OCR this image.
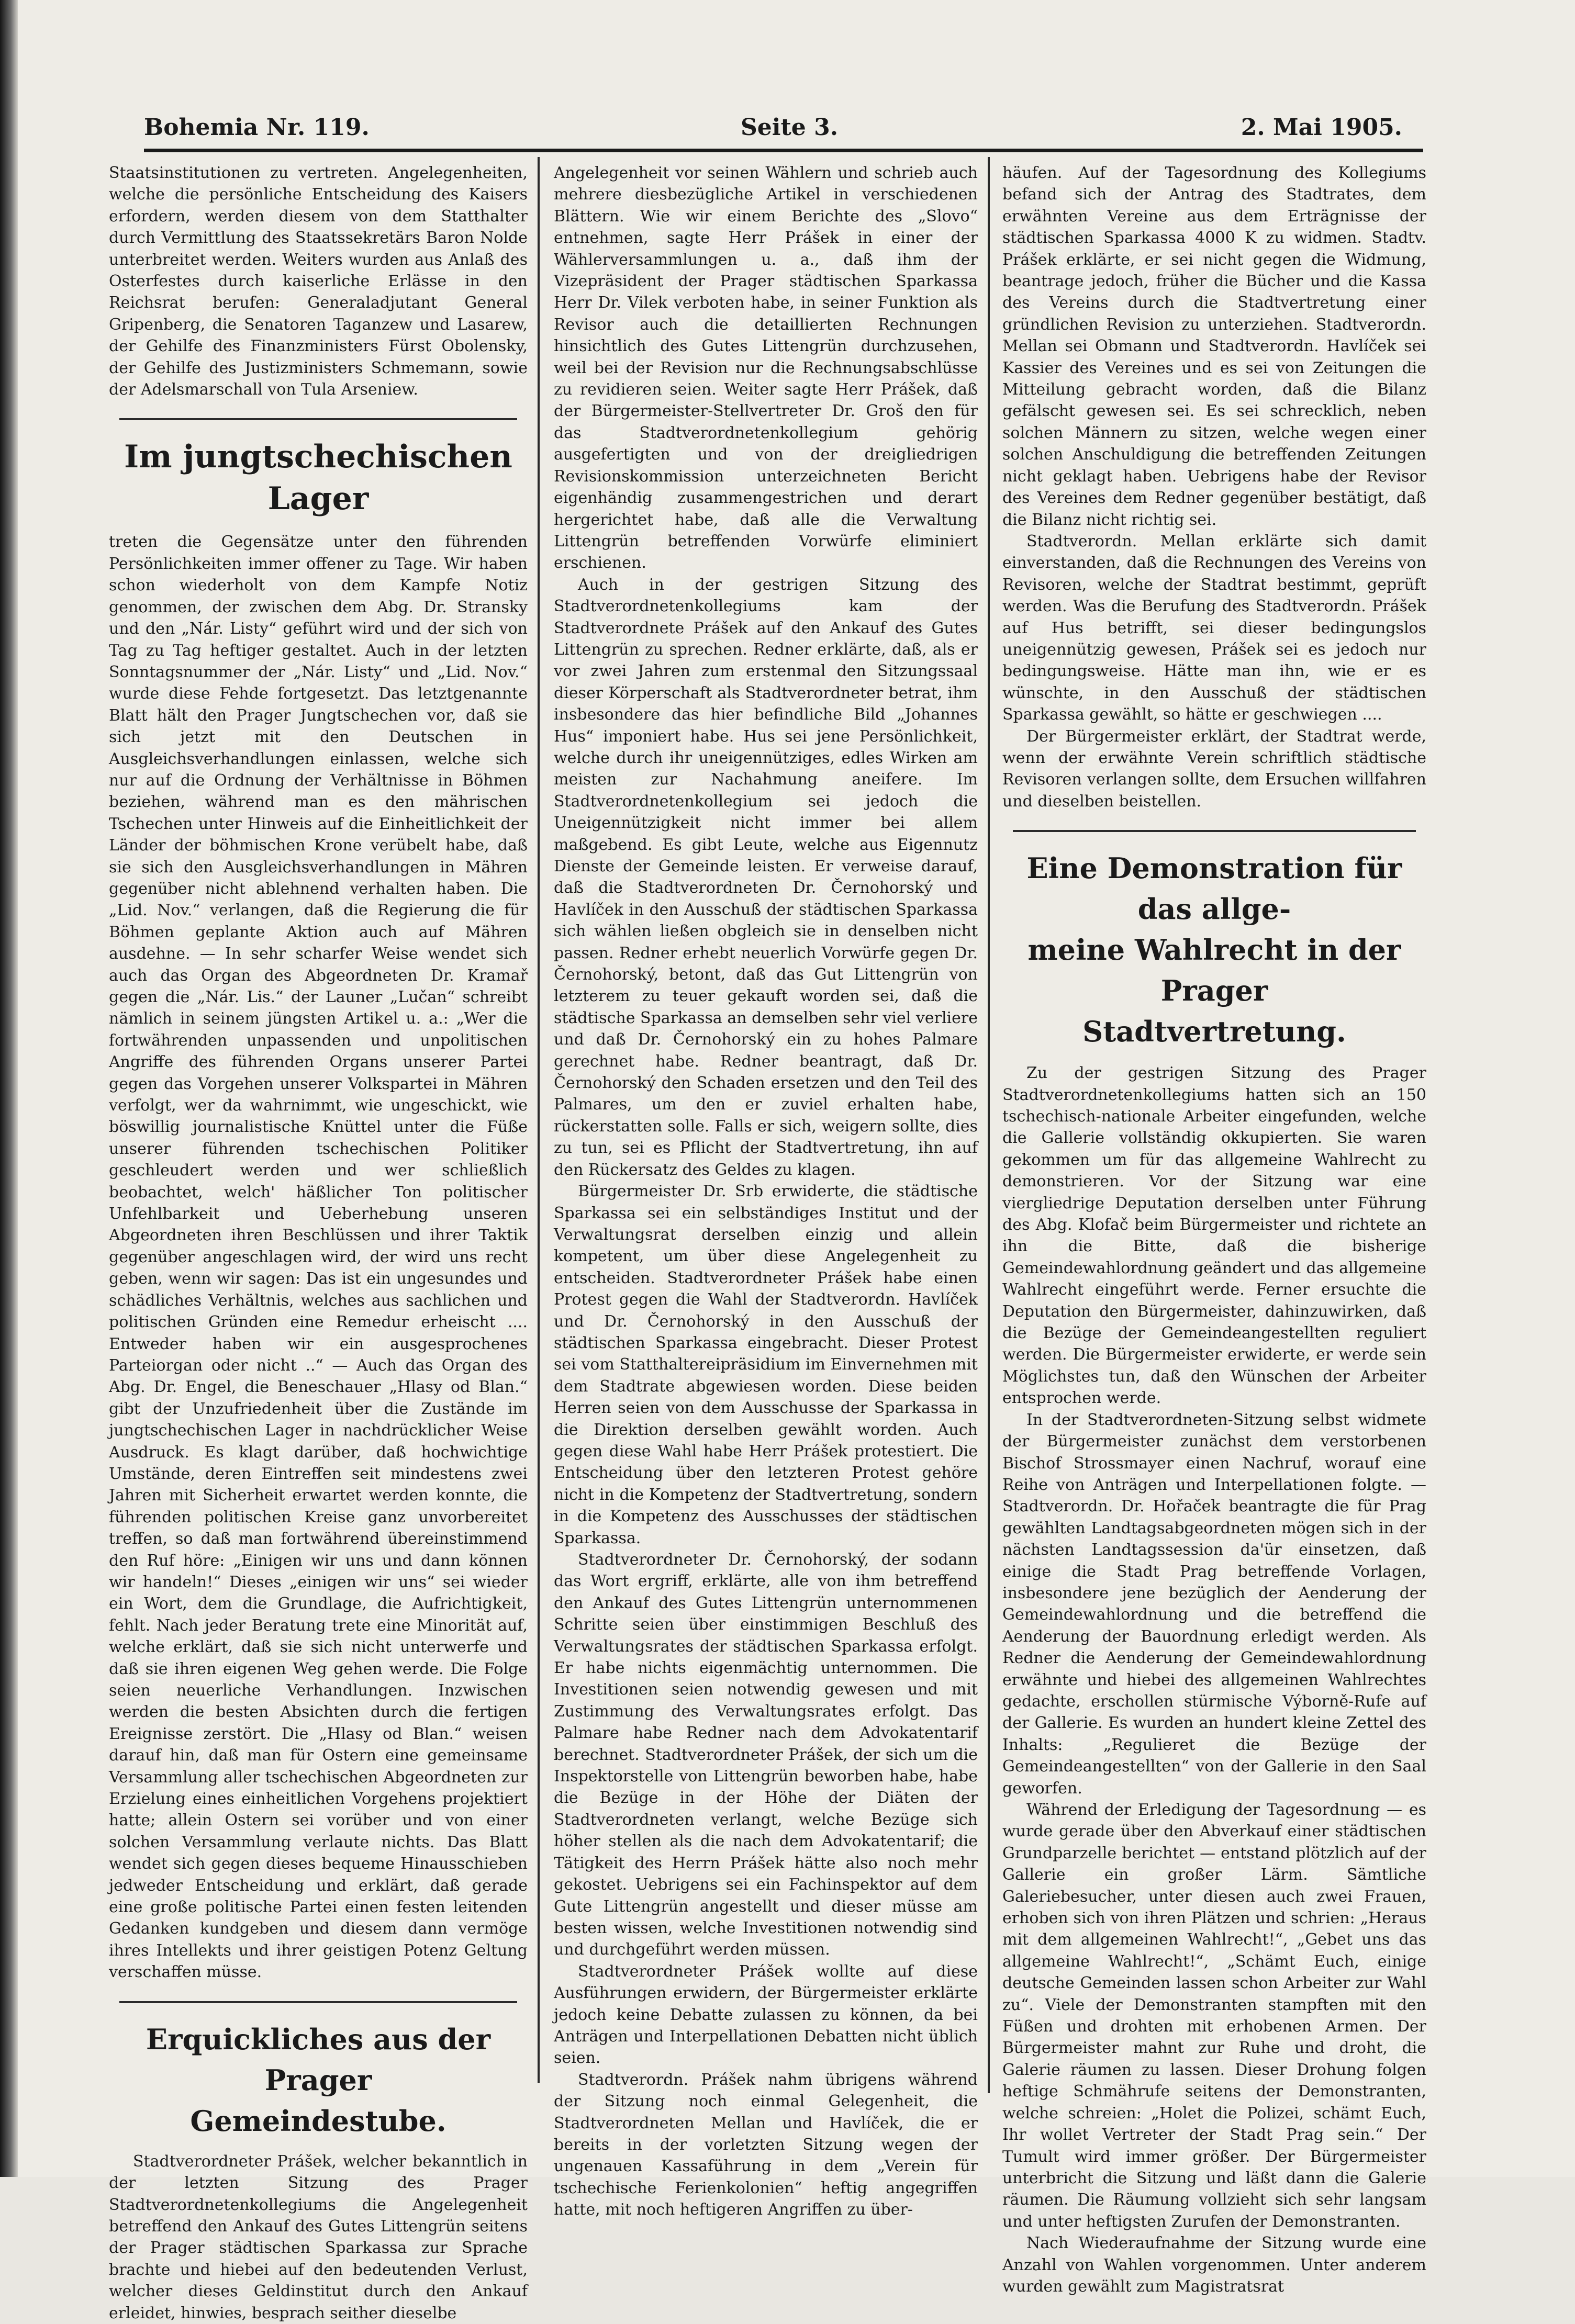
Bohemia Nr. 119.	Seite 3.	2. Mai 1905.

Staatsinstitutionen zu vertreten. Angelegenheiten, welche die persönliche Entscheidung des Kaisers erfordern, werden diesem von dem Statthalter durch Vermittlung des Staatssekretärs Baron Nolde unterbreitet werden. Weiters wurden aus Anlaß des Osterfestes durch kaiserliche Erlässe in den Reichsrat berufen: Generaladjutant General Gripenberg, die Senatoren Taganzew und Lasarew, der Gehilfe des Finanzministers Fürst Obolensky, der Gehilfe des Justizministers Schmemann, sowie der Adelsmarschall von Tula Arseniew.

Im jungtschechischen Lager

treten die Gegensätze unter den führenden Persönlichkeiten immer offener zu Tage. Wir haben schon wiederholt von dem Kampfe Notiz genommen, der zwischen dem Abg. Dr. Stransky und den „Nár. Listy“ geführt wird und der sich von Tag zu Tag heftiger gestaltet. Auch in der letzten Sonntagsnummer der „Nár. Listy“ und „Lid. Nov.“ wurde diese Fehde fortgesetzt. Das letztgenannte Blatt hält den Prager Jungtschechen vor, daß sie sich jetzt mit den Deutschen in Ausgleichsverhandlungen einlassen, welche sich nur auf die Ordnung der Verhältnisse in Böhmen beziehen, während man es den mährischen Tschechen unter Hinweis auf die Einheitlichkeit der Länder der böhmischen Krone verübelt habe, daß sie sich den Ausgleichsverhandlungen in Mähren gegenüber nicht ablehnend verhalten haben. Die „Lid. Nov.“ verlangen, daß die Regierung die für Böhmen geplante Aktion auch auf Mähren ausdehne. — In sehr scharfer Weise wendet sich auch das Organ des Abgeordneten Dr. Kramař gegen die „Nár. Lis.“ der Launer „Lučan“ schreibt nämlich in seinem jüngsten Artikel u. a.: „Wer die fortwährenden unpassenden und unpolitischen Angriffe des führenden Organs unserer Partei gegen das Vorgehen unserer Volkspartei in Mähren verfolgt, wer da wahrnimmt, wie ungeschickt, wie böswillig journalistische Knüttel unter die Füße unserer führenden tschechischen Politiker geschleudert werden und wer schließlich beobachtet, welch' häßlicher Ton politischer Unfehlbarkeit und Ueberhebung unseren Abgeordneten ihren Beschlüssen und ihrer Taktik gegenüber angeschlagen wird, der wird uns recht geben, wenn wir sagen: Das ist ein ungesundes und schädliches Verhältnis, welches aus sachlichen und politischen Gründen eine Remedur erheischt .... Entweder haben wir ein ausgesprochenes Parteiorgan oder nicht ..“ — Auch das Organ des Abg. Dr. Engel, die Beneschauer „Hlasy od Blan.“ gibt der Unzufriedenheit über die Zustände im jungtschechischen Lager in nachdrücklicher Weise Ausdruck. Es klagt darüber, daß hochwichtige Umstände, deren Eintreffen seit mindestens zwei Jahren mit Sicherheit erwartet werden konnte, die führenden politischen Kreise ganz unvorbereitet treffen, so daß man fortwährend übereinstimmend den Ruf höre: „Einigen wir uns und dann können wir handeln!“ Dieses „einigen wir uns“ sei wieder ein Wort, dem die Grundlage, die Aufrichtigkeit, fehlt. Nach jeder Beratung trete eine Minorität auf, welche erklärt, daß sie sich nicht unterwerfe und daß sie ihren eigenen Weg gehen werde. Die Folge seien neuerliche Verhandlungen. Inzwischen werden die besten Absichten durch die fertigen Ereignisse zerstört. Die „Hlasy od Blan.“ weisen darauf hin, daß man für Ostern eine gemeinsame Versammlung aller tschechischen Abgeordneten zur Erzielung eines einheitlichen Vorgehens projektiert hatte; allein Ostern sei vorüber und von einer solchen Versammlung verlaute nichts. Das Blatt wendet sich gegen dieses bequeme Hinausschieben jedweder Entscheidung und erklärt, daß gerade eine große politische Partei einen festen leitenden Gedanken kundgeben und diesem dann vermöge ihres Intellekts und ihrer geistigen Potenz Geltung verschaffen müsse.

Erquickliches aus der Prager
Gemeindestube.

Stadtverordneter Prášek, welcher bekanntlich in der letzten Sitzung des Prager Stadtverordnetenkollegiums die Angelegenheit betreffend den Ankauf des Gutes Littengrün seitens der Prager städtischen Sparkassa zur Sprache brachte und hiebei auf den bedeutenden Verlust, welcher dieses Geldinstitut durch den Ankauf erleidet, hinwies, besprach seither dieselbe

Angelegenheit vor seinen Wählern und schrieb auch mehrere diesbezügliche Artikel in verschiedenen Blättern. Wie wir einem Berichte des „Slovo“ entnehmen, sagte Herr Prášek in einer der Wählerversammlungen u. a., daß ihm der Vizepräsident der Prager städtischen Sparkassa Herr Dr. Vilek verboten habe, in seiner Funktion als Revisor auch die detaillierten Rechnungen hinsichtlich des Gutes Littengrün durchzusehen, weil bei der Revision nur die Rechnungsabschlüsse zu revidieren seien. Weiter sagte Herr Prášek, daß der Bürgermeister-Stellvertreter Dr. Groš den für das Stadtverordnetenkollegium gehörig ausgefertigten und von der dreigliedrigen Revisionskommission unterzeichneten Bericht eigenhändig zusammengestrichen und derart hergerichtet habe, daß alle die Verwaltung Littengrün betreffenden Vorwürfe eliminiert erschienen.

Auch in der gestrigen Sitzung des Stadtverordnetenkollegiums kam der Stadtverordnete Prášek auf den Ankauf des Gutes Littengrün zu sprechen. Redner erklärte, daß, als er vor zwei Jahren zum erstenmal den Sitzungssaal dieser Körperschaft als Stadtverordneter betrat, ihm insbesondere das hier befindliche Bild „Johannes Hus“ imponiert habe. Hus sei jene Persönlichkeit, welche durch ihr uneigennütziges, edles Wirken am meisten zur Nachahmung aneifere. Im Stadtverordnetenkollegium sei jedoch die Uneigennützigkeit nicht immer bei allem maßgebend. Es gibt Leute, welche aus Eigennutz Dienste der Gemeinde leisten. Er verweise darauf, daß die Stadtverordneten Dr. Černohorský und Havlíček in den Ausschuß der städtischen Sparkassa sich wählen ließen obgleich sie in denselben nicht passen. Redner erhebt neuerlich Vorwürfe gegen Dr. Černohorský, betont, daß das Gut Littengrün von letzterem zu teuer gekauft worden sei, daß die städtische Sparkassa an demselben sehr viel verliere und daß Dr. Černohorský ein zu hohes Palmare gerechnet habe. Redner beantragt, daß Dr. Černohorský den Schaden ersetzen und den Teil des Palmares, um den er zuviel erhalten habe, rückerstatten solle. Falls er sich, weigern sollte, dies zu tun, sei es Pflicht der Stadtvertretung, ihn auf den Rückersatz des Geldes zu klagen.

Bürgermeister Dr. Srb erwiderte, die städtische Sparkassa sei ein selbständiges Institut und der Verwaltungsrat derselben einzig und allein kompetent, um über diese Angelegenheit zu entscheiden. Stadtverordneter Prášek habe einen Protest gegen die Wahl der Stadtverordn. Havlíček und Dr. Černohorský in den Ausschuß der städtischen Sparkassa eingebracht. Dieser Protest sei vom Statthaltereipräsidium im Einvernehmen mit dem Stadtrate abgewiesen worden. Diese beiden Herren seien von dem Ausschusse der Sparkassa in die Direktion derselben gewählt worden. Auch gegen diese Wahl habe Herr Prášek protestiert. Die Entscheidung über den letzteren Protest gehöre nicht in die Kompetenz der Stadtvertretung, sondern in die Kompetenz des Ausschusses der städtischen Sparkassa.

Stadtverordneter Dr. Černohorský, der sodann das Wort ergriff, erklärte, alle von ihm betreffend den Ankauf des Gutes Littengrün unternommenen Schritte seien über einstimmigen Beschluß des Verwaltungsrates der städtischen Sparkassa erfolgt. Er habe nichts eigenmächtig unternommen. Die Investitionen seien notwendig gewesen und mit Zustimmung des Verwaltungsrates erfolgt. Das Palmare habe Redner nach dem Advokatentarif berechnet. Stadtverordneter Prášek, der sich um die Inspektorstelle von Littengrün beworben habe, habe die Bezüge in der Höhe der Diäten der Stadtverordneten verlangt, welche Bezüge sich höher stellen als die nach dem Advokatentarif; die Tätigkeit des Herrn Prášek hätte also noch mehr gekostet. Uebrigens sei ein Fachinspektor auf dem Gute Littengrün angestellt und dieser müsse am besten wissen, welche Investitionen notwendig sind und durchgeführt werden müssen.

Stadtverordneter Prášek wollte auf diese Ausführungen erwidern, der Bürgermeister erklärte jedoch keine Debatte zulassen zu können, da bei Anträgen und Interpellationen Debatten nicht üblich seien.

Stadtverordn. Prášek nahm übrigens während der Sitzung noch einmal Gelegenheit, die Stadtverordneten Mellan und Havlíček, die er bereits in der vorletzten Sitzung wegen der ungenauen Kassaführung in dem „Verein für tschechische Ferienkolonien“ heftig angegriffen hatte, mit noch heftigeren Angriffen zu über-

häufen. Auf der Tagesordnung des Kollegiums befand sich der Antrag des Stadtrates, dem erwähnten Vereine aus dem Erträgnisse der städtischen Sparkassa 4000 K zu widmen. Stadtv. Prášek erklärte, er sei nicht gegen die Widmung, beantrage jedoch, früher die Bücher und die Kassa des Vereins durch die Stadtvertretung einer gründlichen Revision zu unterziehen. Stadtverordn. Mellan sei Obmann und Stadtverordn. Havlíček sei Kassier des Vereines und es sei von Zeitungen die Mitteilung gebracht worden, daß die Bilanz gefälscht gewesen sei. Es sei schrecklich, neben solchen Männern zu sitzen, welche wegen einer solchen Anschuldigung die betreffenden Zeitungen nicht geklagt haben. Uebrigens habe der Revisor des Vereines dem Redner gegenüber bestätigt, daß die Bilanz nicht richtig sei.

Stadtverordn. Mellan erklärte sich damit einverstanden, daß die Rechnungen des Vereins von Revisoren, welche der Stadtrat bestimmt, geprüft werden. Was die Berufung des Stadtverordn. Prášek auf Hus betrifft, sei dieser bedingungslos uneigennützig gewesen, Prášek sei es jedoch nur bedingungsweise. Hätte man ihn, wie er es wünschte, in den Ausschuß der städtischen Sparkassa gewählt, so hätte er geschwiegen ....

Der Bürgermeister erklärt, der Stadtrat werde, wenn der erwähnte Verein schriftlich städtische Revisoren verlangen sollte, dem Ersuchen willfahren und dieselben beistellen.

Eine Demonstration für das allge-
meine Wahlrecht in der Prager
Stadtvertretung.

Zu der gestrigen Sitzung des Prager Stadtverordnetenkollegiums hatten sich an 150 tschechisch-nationale Arbeiter eingefunden, welche die Gallerie vollständig okkupierten. Sie waren gekommen um für das allgemeine Wahlrecht zu demonstrieren. Vor der Sitzung war eine viergliedrige Deputation derselben unter Führung des Abg. Klofač beim Bürgermeister und richtete an ihn die Bitte, daß die bisherige Gemeindewahlordnung geändert und das allgemeine Wahlrecht eingeführt werde. Ferner ersuchte die Deputation den Bürgermeister, dahinzuwirken, daß die Bezüge der Gemeindeangestellten reguliert werden. Die Bürgermeister erwiderte, er werde sein Möglichstes tun, daß den Wünschen der Arbeiter entsprochen werde.

In der Stadtverordneten-Sitzung selbst widmete der Bürgermeister zunächst dem verstorbenen Bischof Strossmayer einen Nachruf, worauf eine Reihe von Anträgen und Interpellationen folgte. — Stadtverordn. Dr. Hořaček beantragte die für Prag gewählten Landtagsabgeordneten mögen sich in der nächsten Landtagssession da'ür einsetzen, daß einige die Stadt Prag betreffende Vorlagen, insbesondere jene bezüglich der Aenderung der Gemeindewahlordnung und die betreffend die Aenderung der Bauordnung erledigt werden. Als Redner die Aenderung der Gemeindewahlordnung erwähnte und hiebei des allgemeinen Wahlrechtes gedachte, erschollen stürmische Výborně-Rufe auf der Gallerie. Es wurden an hundert kleine Zettel des Inhalts: „Regulieret die Bezüge der Gemeindeangestellten“ von der Gallerie in den Saal geworfen.

Während der Erledigung der Tagesordnung — es wurde gerade über den Abverkauf einer städtischen Grundparzelle berichtet — entstand plötzlich auf der Gallerie ein großer Lärm. Sämtliche Galeriebesucher, unter diesen auch zwei Frauen, erhoben sich von ihren Plätzen und schrien: „Heraus mit dem allgemeinen Wahlrecht!“, „Gebet uns das allgemeine Wahlrecht!“, „Schämt Euch, einige deutsche Gemeinden lassen schon Arbeiter zur Wahl zu“. Viele der Demonstranten stampften mit den Füßen und drohten mit erhobenen Armen. Der Bürgermeister mahnt zur Ruhe und droht, die Galerie räumen zu lassen. Dieser Drohung folgen heftige Schmährufe seitens der Demonstranten, welche schreien: „Holet die Polizei, schämt Euch, Ihr wollet Vertreter der Stadt Prag sein.“ Der Tumult wird immer größer. Der Bürgermeister unterbricht die Sitzung und läßt dann die Galerie räumen. Die Räumung vollzieht sich sehr langsam und unter heftigsten Zurufen der Demonstranten.

Nach Wiederaufnahme der Sitzung wurde eine Anzahl von Wahlen vorgenommen. Unter anderem wurden gewählt zum Magistratsrat
